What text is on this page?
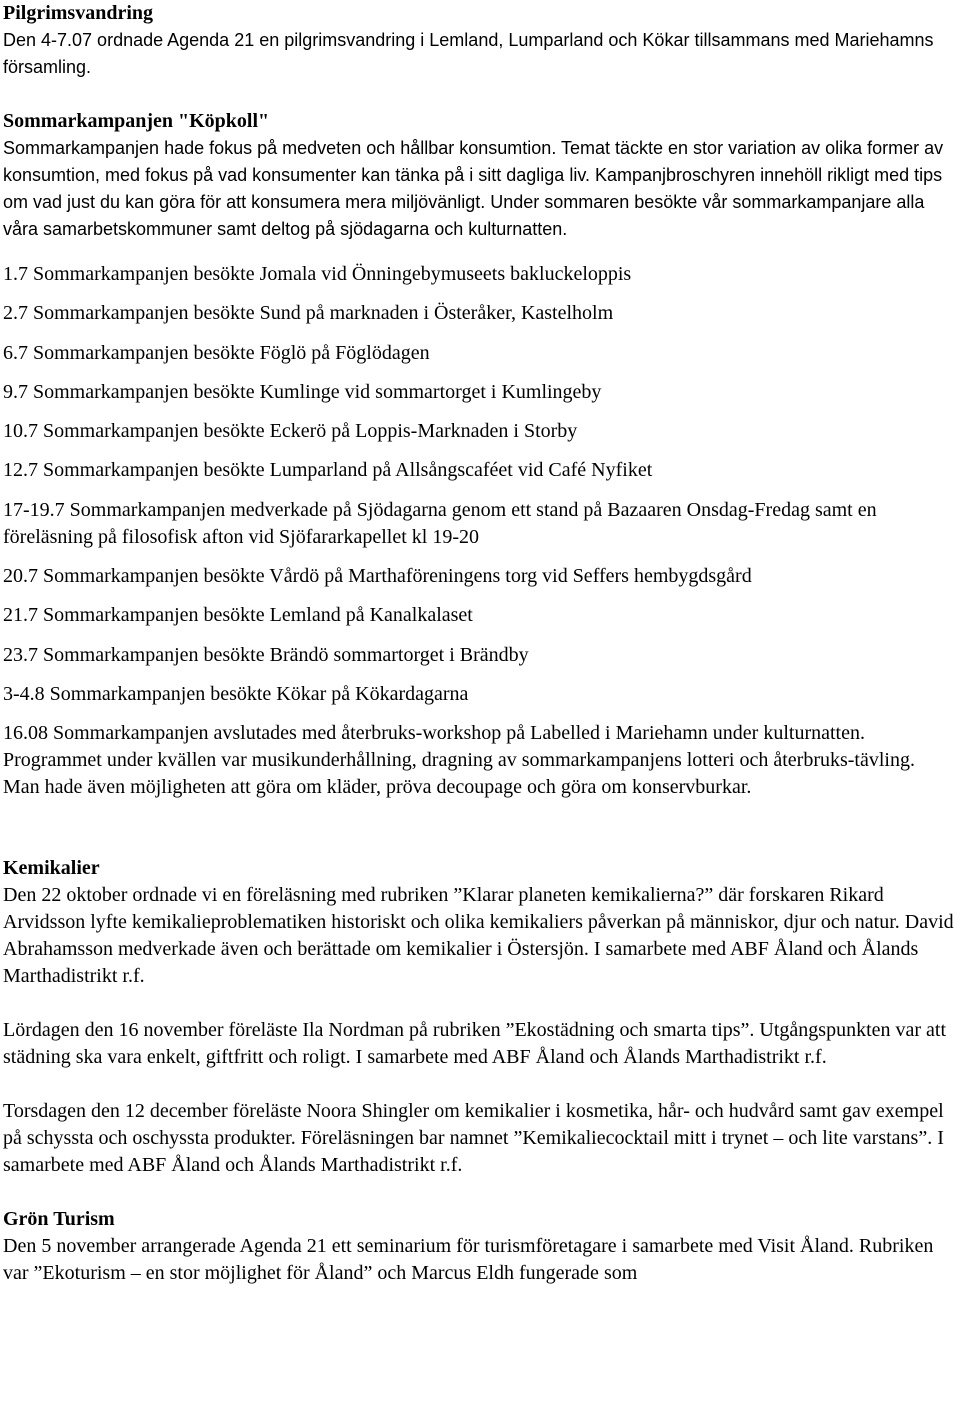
Pilgrimsvandring

Den 4-7.07 ordnade Agenda 21 en pilgrimsvandring i Lemland, Lumparland och Kökar tillsammans med Mariehamns församling.

Sommarkampanjen "Köpkoll"

Sommarkampanjen hade fokus på medveten och hållbar konsumtion. Temat täckte en stor variation av olika former av konsumtion, med fokus på vad konsumenter kan tänka på i sitt dagliga liv. Kampanjbroschyren innehöll rikligt med tips om vad just du kan göra för att konsumera mera miljövänligt. Under sommaren besökte vår sommarkampanjare alla våra samarbetskommuner samt deltog på sjödagarna och kulturnatten.

1.7 Sommarkampanjen besökte Jomala vid Önningebymuseets bakluckeloppis

2.7 Sommarkampanjen besökte Sund på marknaden i Österåker, Kastelholm

6.7 Sommarkampanjen besökte Föglö på Föglödagen

9.7 Sommarkampanjen besökte Kumlinge vid sommartorget i Kumlingeby

10.7 Sommarkampanjen besökte Eckerö på Loppis-Marknaden i Storby

12.7 Sommarkampanjen besökte Lumparland på Allsångscaféet vid Café Nyfiket

17-19.7 Sommarkampanjen medverkade på Sjödagarna genom ett stand på Bazaaren Onsdag-Fredag samt en föreläsning på filosofisk afton vid Sjöfararkapellet kl 19-20

20.7 Sommarkampanjen besökte Vårdö på Marthaföreningens torg vid Seffers hembygdsgård

21.7 Sommarkampanjen besökte Lemland på Kanalkalaset

23.7 Sommarkampanjen besökte Brändö sommartorget i Brändby

3-4.8 Sommarkampanjen besökte Kökar på Kökardagarna

16.08 Sommarkampanjen avslutades med återbruks-workshop på Labelled i Mariehamn under kulturnatten. Programmet under kvällen var musikunderhållning, dragning av sommarkampanjens lotteri och återbruks-tävling. Man hade även möjligheten att göra om kläder, pröva decoupage och göra om konservburkar.

Kemikalier

Den 22 oktober ordnade vi en föreläsning med rubriken ”Klarar planeten kemikalierna?” där forskaren Rikard Arvidsson lyfte kemikalieproblematiken historiskt och olika kemikaliers påverkan på människor, djur och natur. David Abrahamsson medverkade även och berättade om kemikalier i Östersjön. I samarbete med ABF Åland och Ålands Marthadistrikt r.f.

Lördagen den 16 november föreläste Ila Nordman på rubriken ”Ekostädning och smarta tips”. Utgångspunkten var att städning ska vara enkelt, giftfritt och roligt. I samarbete med ABF Åland och Ålands Marthadistrikt r.f.

Torsdagen den 12 december föreläste Noora Shingler om kemikalier i kosmetika, hår- och hudvård samt gav exempel på schyssta och oschyssta produkter. Föreläsningen bar namnet ”Kemikaliecocktail mitt i trynet – och lite varstans”. I samarbete med ABF Åland och Ålands Marthadistrikt r.f.

Grön Turism

Den 5 november arrangerade Agenda 21 ett seminarium för turismföretagare i samarbete med Visit Åland. Rubriken var ”Ekoturism – en stor möjlighet för Åland” och Marcus Eldh fungerade som
